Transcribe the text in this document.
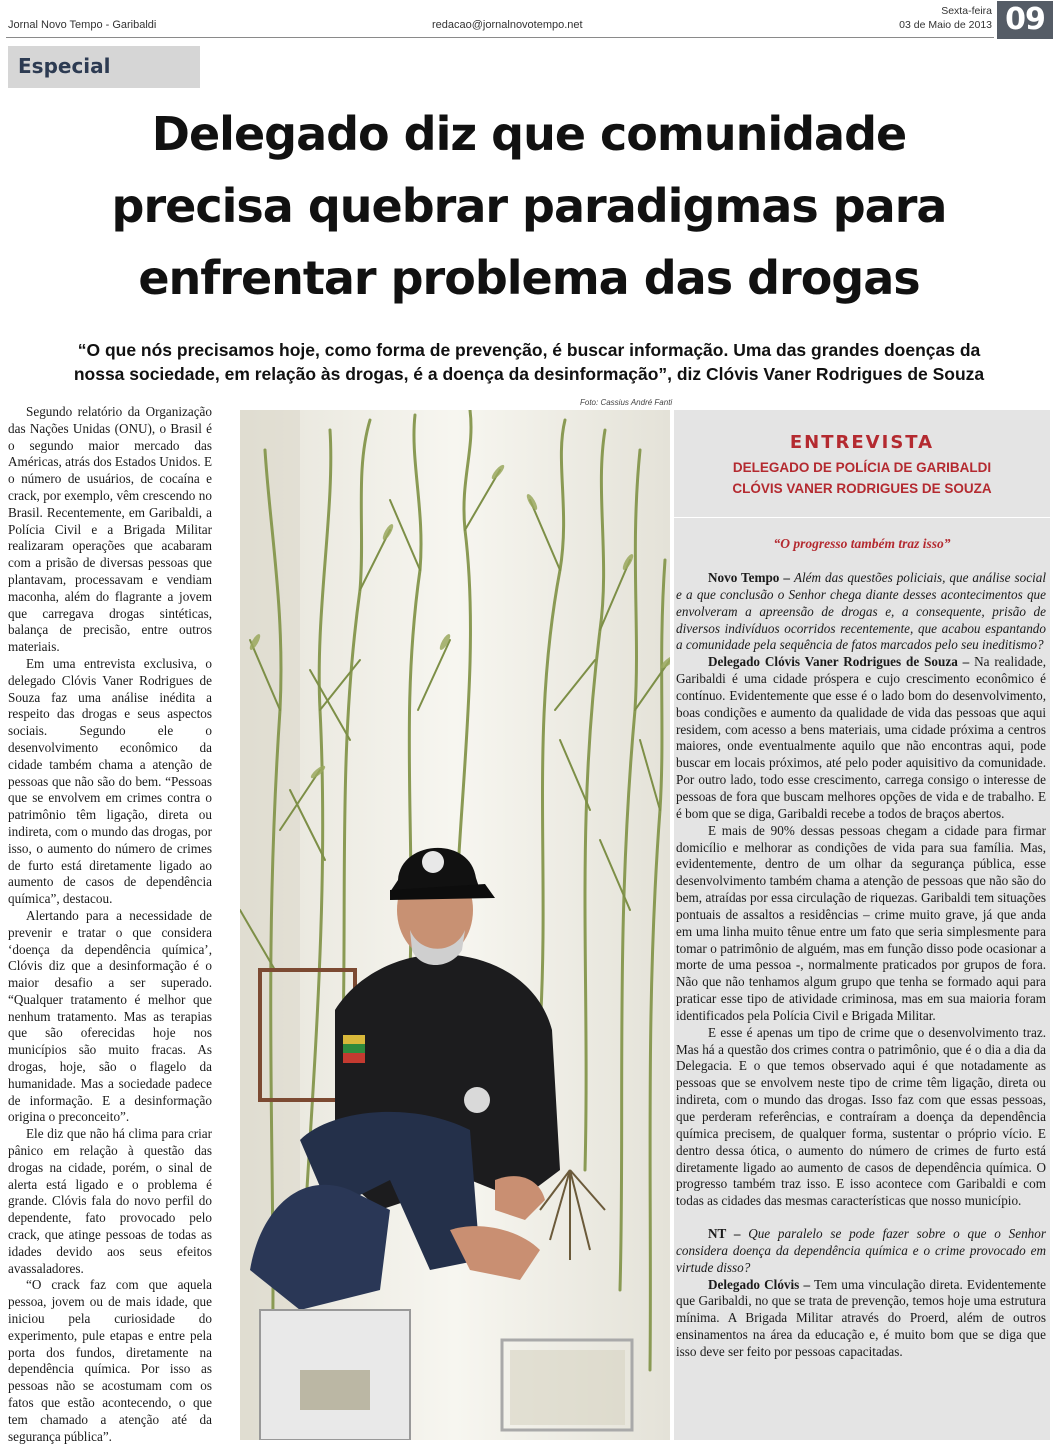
Jornal Novo Tempo - Garibaldi	redacao@jornalnovotempo.net
Sexta-feira
03 de Maio de 2013 09
Especial
Delegado diz que comunidade
precisa quebrar paradigmas para
enfrentar problema das drogas
“O que nós precisamos hoje, como forma de prevenção, é buscar informação. Uma das grandes doenças da
nossa sociedade, em relação às drogas, é a doença da desinformação”, diz Clóvis Vaner Rodrigues de Souza

Segundo relatório da Organização das Nações Unidas (ONU), o Brasil é o segundo maior mercado das Américas, atrás dos Estados Unidos. E o número de usuários, de cocaína e crack, por exemplo, vêm crescendo no Brasil. Recentemente, em Garibaldi, a Polícia Civil e a Brigada Militar realizaram operações que acabaram com a prisão de diversas pessoas que plantavam, processavam e vendiam maconha, além do flagrante a jovem que carregava drogas sintéticas, balança de precisão, entre outros materiais.

Em uma entrevista exclusiva, o delegado Clóvis Vaner Rodrigues de Souza faz uma análise inédita a respeito das drogas e seus aspectos sociais. Segundo ele o desenvolvimento econômico da cidade também chama a atenção de pessoas que não são do bem. “Pessoas que se envolvem em crimes contra o patrimônio têm ligação, direta ou indireta, com o mundo das drogas, por isso, o aumento do número de crimes de furto está diretamente ligado ao aumento de casos de dependência química”, destacou.

Alertando para a necessidade de prevenir e tratar o que considera ‘doença da dependência química’, Clóvis diz que a desinformação é o maior desafio a ser superado. “Qualquer tratamento é melhor que nenhum tratamento. Mas as terapias que são oferecidas hoje nos municípios são muito fracas. As drogas, hoje, são o flagelo da humanidade. Mas a sociedade padece de informação. E a desinformação origina o preconceito”.

Ele diz que não há clima para criar pânico em relação à questão das drogas na cidade, porém, o sinal de alerta está ligado e o problema é grande. Clóvis fala do novo perfil do dependente, fato provocado pelo crack, que atinge pessoas de todas as idades devido aos seus efeitos avassaladores.

“O crack faz com que aquela pessoa, jovem ou de mais idade, que iniciou pela curiosidade do experimento, pule etapas e entre pela porta dos fundos, diretamente na dependência química. Por isso as pessoas não se acostumam com os fatos que estão acontecendo, o que tem chamado a atenção até da segurança pública”.

Foto: Cassius André Fanti
ENTREVISTA
DELEGADO DE POLÍCIA DE GARIBALDI
CLÓVIS VANER RODRIGUES DE SOUZA
“O progresso também traz isso”

Novo Tempo – Além das questões policiais, que análise social e a que conclusão o Senhor chega diante desses acontecimentos que envolveram a apreensão de drogas e, a consequente, prisão de diversos indivíduos ocorridos recentemente, que acabou espantando a comunidade pela sequência de fatos marcados pelo seu ineditismo?

Delegado Clóvis Vaner Rodrigues de Souza – Na realidade, Garibaldi é uma cidade próspera e cujo crescimento econômico é contínuo. Evidentemente que esse é o lado bom do desenvolvimento, boas condições e aumento da qualidade de vida das pessoas que aqui residem, com acesso a bens materiais, uma cidade próxima a centros maiores, onde eventualmente aquilo que não encontras aqui, pode buscar em locais próximos, até pelo poder aquisitivo da comunidade. Por outro lado, todo esse crescimento, carrega consigo o interesse de pessoas de fora que buscam melhores opções de vida e de trabalho. E é bom que se diga, Garibaldi recebe a todos de braços abertos.

E mais de 90% dessas pessoas chegam a cidade para firmar domicílio e melhorar as condições de vida para sua família. Mas, evidentemente, dentro de um olhar da segurança pública, esse desenvolvimento também chama a atenção de pessoas que não são do bem, atraídas por essa circulação de riquezas. Garibaldi tem situações pontuais de assaltos a residências – crime muito grave, já que anda em uma linha muito tênue entre um fato que seria simplesmente para tomar o patrimônio de alguém, mas em função disso pode ocasionar a morte de uma pessoa -, normalmente praticados por grupos de fora. Não que não tenhamos algum grupo que tenha se formado aqui para praticar esse tipo de atividade criminosa, mas em sua maioria foram identificados pela Polícia Civil e Brigada Militar.

E esse é apenas um tipo de crime que o desenvolvimento traz. Mas há a questão dos crimes contra o patrimônio, que é o dia a dia da Delegacia. E o que temos observado aqui é que notadamente as pessoas que se envolvem neste tipo de crime têm ligação, direta ou indireta, com o mundo das drogas. Isso faz com que essas pessoas, que perderam referências, e contraíram a doença da dependência química precisem, de qualquer forma, sustentar o próprio vício. E dentro dessa ótica, o aumento do número de crimes de furto está diretamente ligado ao aumento de casos de dependência química. O progresso também traz isso. E isso acontece com Garibaldi e com todas as cidades das mesmas características que nosso município.

NT – Que paralelo se pode fazer sobre o que o Senhor considera doença da dependência química e o crime provocado em virtude disso?

Delegado Clóvis – Tem uma vinculação direta. Evidentemente que Garibaldi, no que se trata de prevenção, temos hoje uma estrutura mínima. A Brigada Militar através do Proerd, além de outros ensinamentos na área da educação e, é muito bom que se diga que isso deve ser feito por pessoas capacitadas.
